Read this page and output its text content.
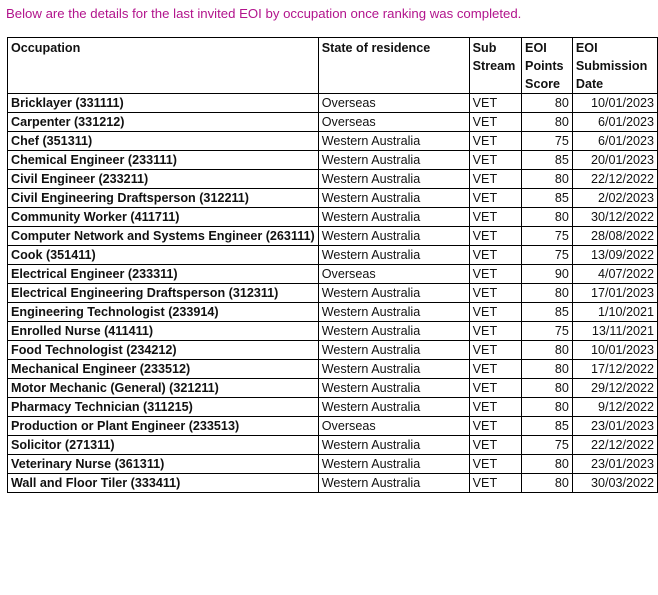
Below are the details for the last invited EOI by occupation once ranking was completed.
Occupation	State of residence	Sub Stream	EOI Points Score	EOI Submission Date
Bricklayer (331111)	Overseas	VET	80	10/01/2023
Carpenter (331212)	Overseas	VET	80	6/01/2023
Chef (351311)	Western Australia	VET	75	6/01/2023
Chemical Engineer (233111)	Western Australia	VET	85	20/01/2023
Civil Engineer (233211)	Western Australia	VET	80	22/12/2022
Civil Engineering Draftsperson (312211)	Western Australia	VET	85	2/02/2023
Community Worker (411711)	Western Australia	VET	80	30/12/2022
Computer Network and Systems Engineer (263111)	Western Australia	VET	75	28/08/2022
Cook (351411)	Western Australia	VET	75	13/09/2022
Electrical Engineer (233311)	Overseas	VET	90	4/07/2022
Electrical Engineering Draftsperson (312311)	Western Australia	VET	80	17/01/2023
Engineering Technologist (233914)	Western Australia	VET	85	1/10/2021
Enrolled Nurse (411411)	Western Australia	VET	75	13/11/2021
Food Technologist (234212)	Western Australia	VET	80	10/01/2023
Mechanical Engineer (233512)	Western Australia	VET	80	17/12/2022
Motor Mechanic (General) (321211)	Western Australia	VET	80	29/12/2022
Pharmacy Technician (311215)	Western Australia	VET	80	9/12/2022
Production or Plant Engineer (233513)	Overseas	VET	85	23/01/2023
Solicitor (271311)	Western Australia	VET	75	22/12/2022
Veterinary Nurse (361311)	Western Australia	VET	80	23/01/2023
Wall and Floor Tiler (333411)	Western Australia	VET	80	30/03/2022
